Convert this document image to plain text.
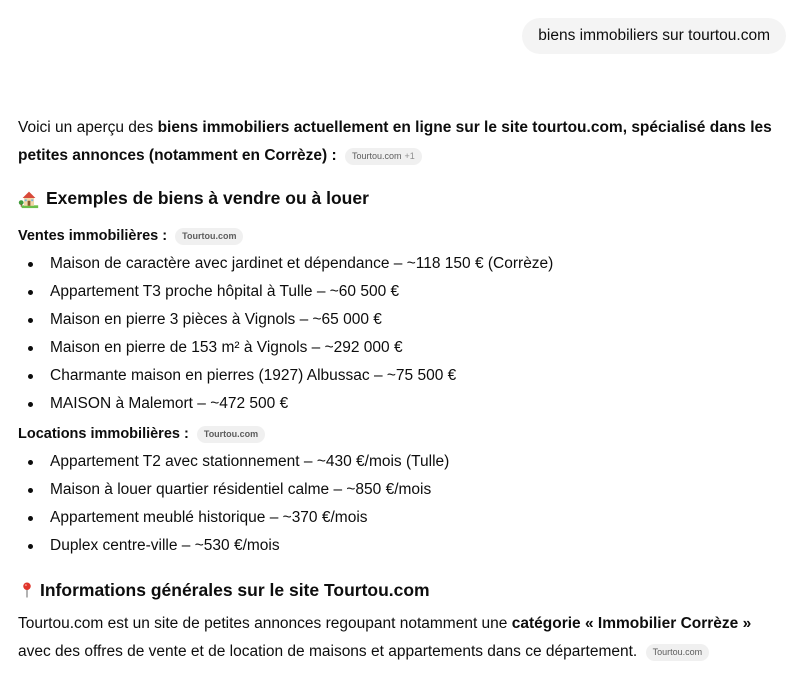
biens immobiliers sur tourtou.com

Voici un aperçu des biens immobiliers actuellement en ligne sur le site tourtou.com, spécialisé dans les petites annonces (notamment en Corrèze) : Tourtou.com +1

Exemples de biens à vendre ou à louer

Ventes immobilières : Tourtou.com

Maison de caractère avec jardinet et dépendance – ~118 150 € (Corrèze)
Appartement T3 proche hôpital à Tulle – ~60 500 €
Maison en pierre 3 pièces à Vignols – ~65 000 €
Maison en pierre de 153 m² à Vignols – ~292 000 €
Charmante maison en pierres (1927) Albussac – ~75 500 €
MAISON à Malemort – ~472 500 €

Locations immobilières : Tourtou.com

Appartement T2 avec stationnement – ~430 €/mois (Tulle)
Maison à louer quartier résidentiel calme – ~850 €/mois
Appartement meublé historique – ~370 €/mois
Duplex centre-ville – ~530 €/mois
Informations générales sur le site Tourtou.com

Tourtou.com est un site de petites annonces regoupant notamment une catégorie « Immobilier Corrèze » avec des offres de vente et de location de maisons et appartements dans ce département. Tourtou.com
